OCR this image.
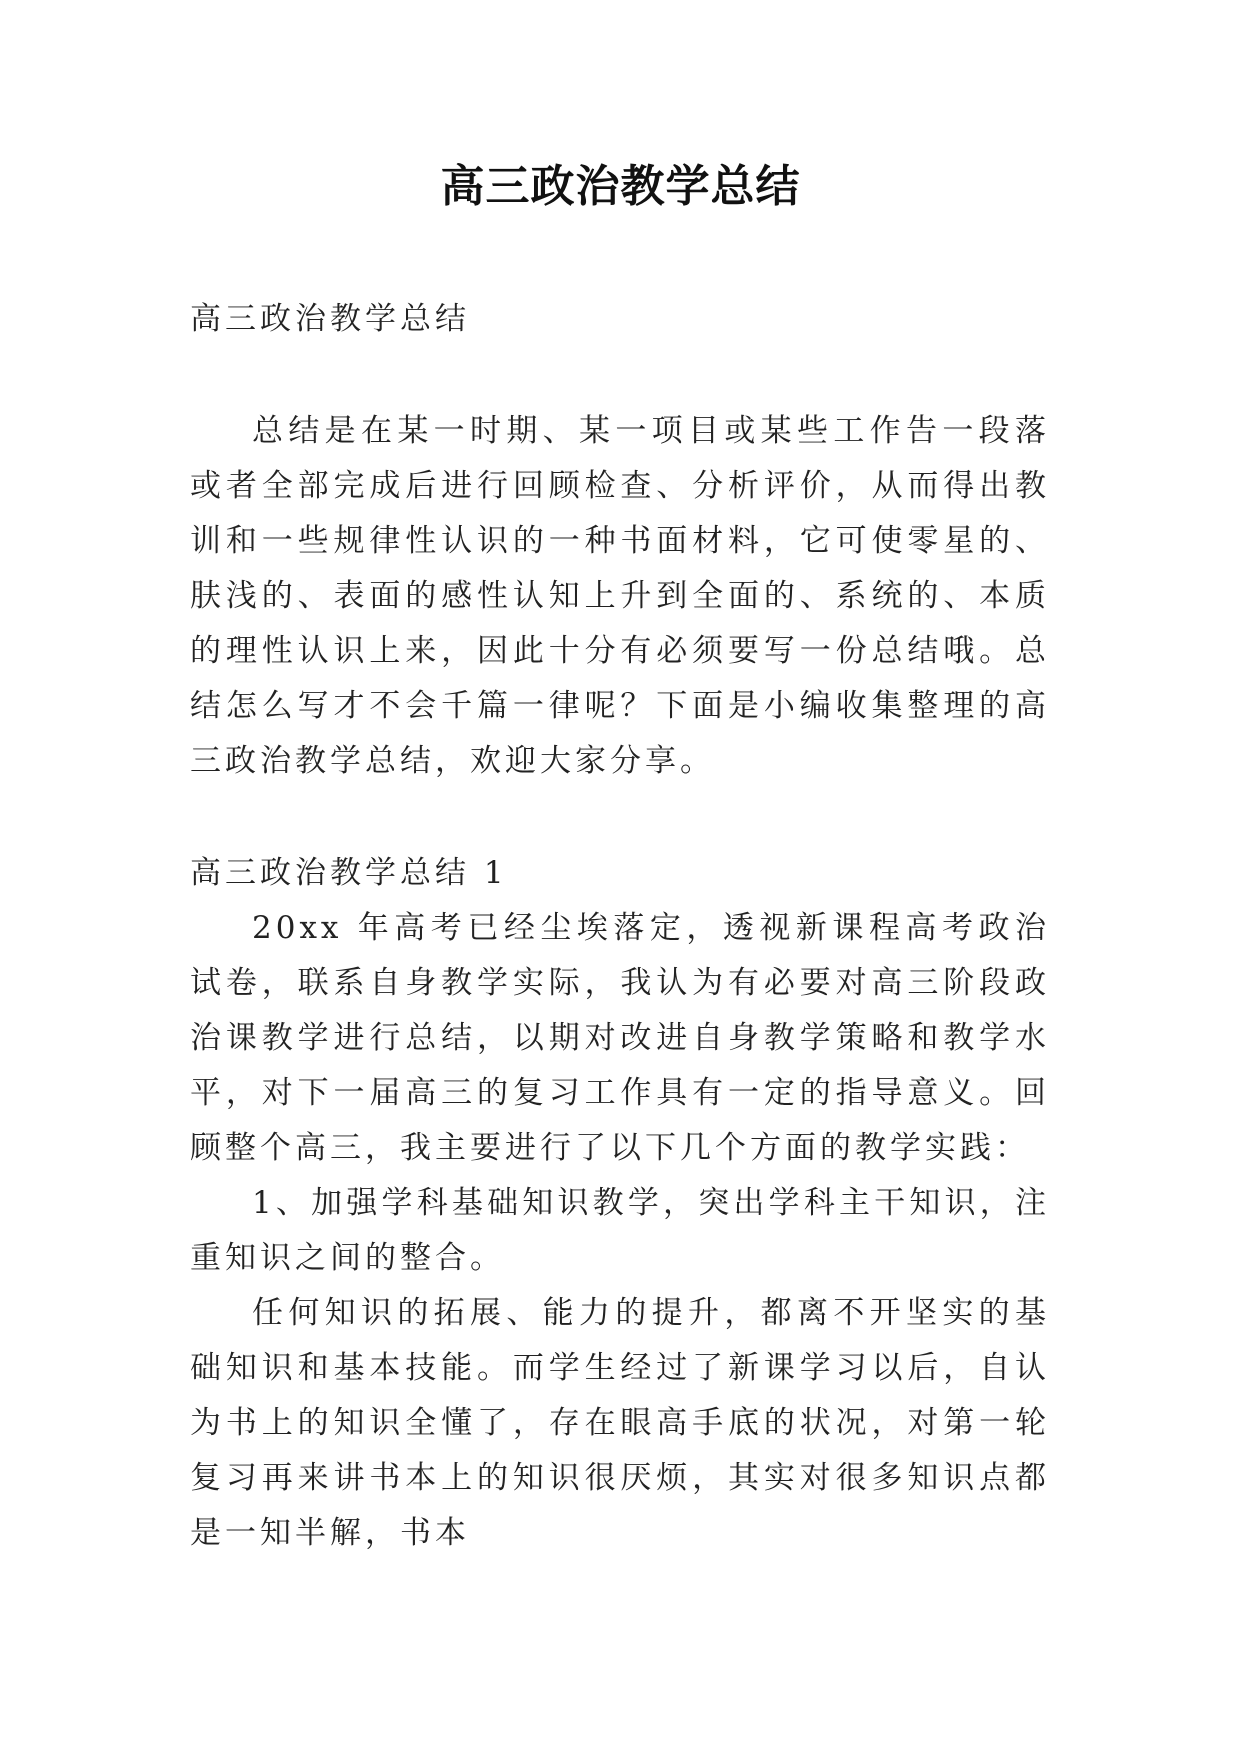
高三政治教学总结

高三政治教学总结

总结是在某一时期、某一项目或某些工作告一段落或者全部完成后进行回顾检查、分析评价，从而得出教训和一些规律性认识的一种书面材料，它可使零星的、肤浅的、表面的感性认知上升到全面的、系统的、本质的理性认识上来，因此十分有必须要写一份总结哦。总结怎么写才不会千篇一律呢？下面是小编收集整理的高三政治教学总结，欢迎大家分享。

高三政治教学总结 1

20xx 年高考已经尘埃落定，透视新课程高考政治试卷，联系自身教学实际，我认为有必要对高三阶段政治课教学进行总结，以期对改进自身教学策略和教学水平，对下一届高三的复习工作具有一定的指导意义。回顾整个高三，我主要进行了以下几个方面的教学实践：

1、加强学科基础知识教学，突出学科主干知识，注重知识之间的整合。

任何知识的拓展、能力的提升，都离不开坚实的基础知识和基本技能。而学生经过了新课学习以后，自认为书上的知识全懂了，存在眼高手底的状况，对第一轮复习再来讲书本上的知识很厌烦，其实对很多知识点都是一知半解，书本
